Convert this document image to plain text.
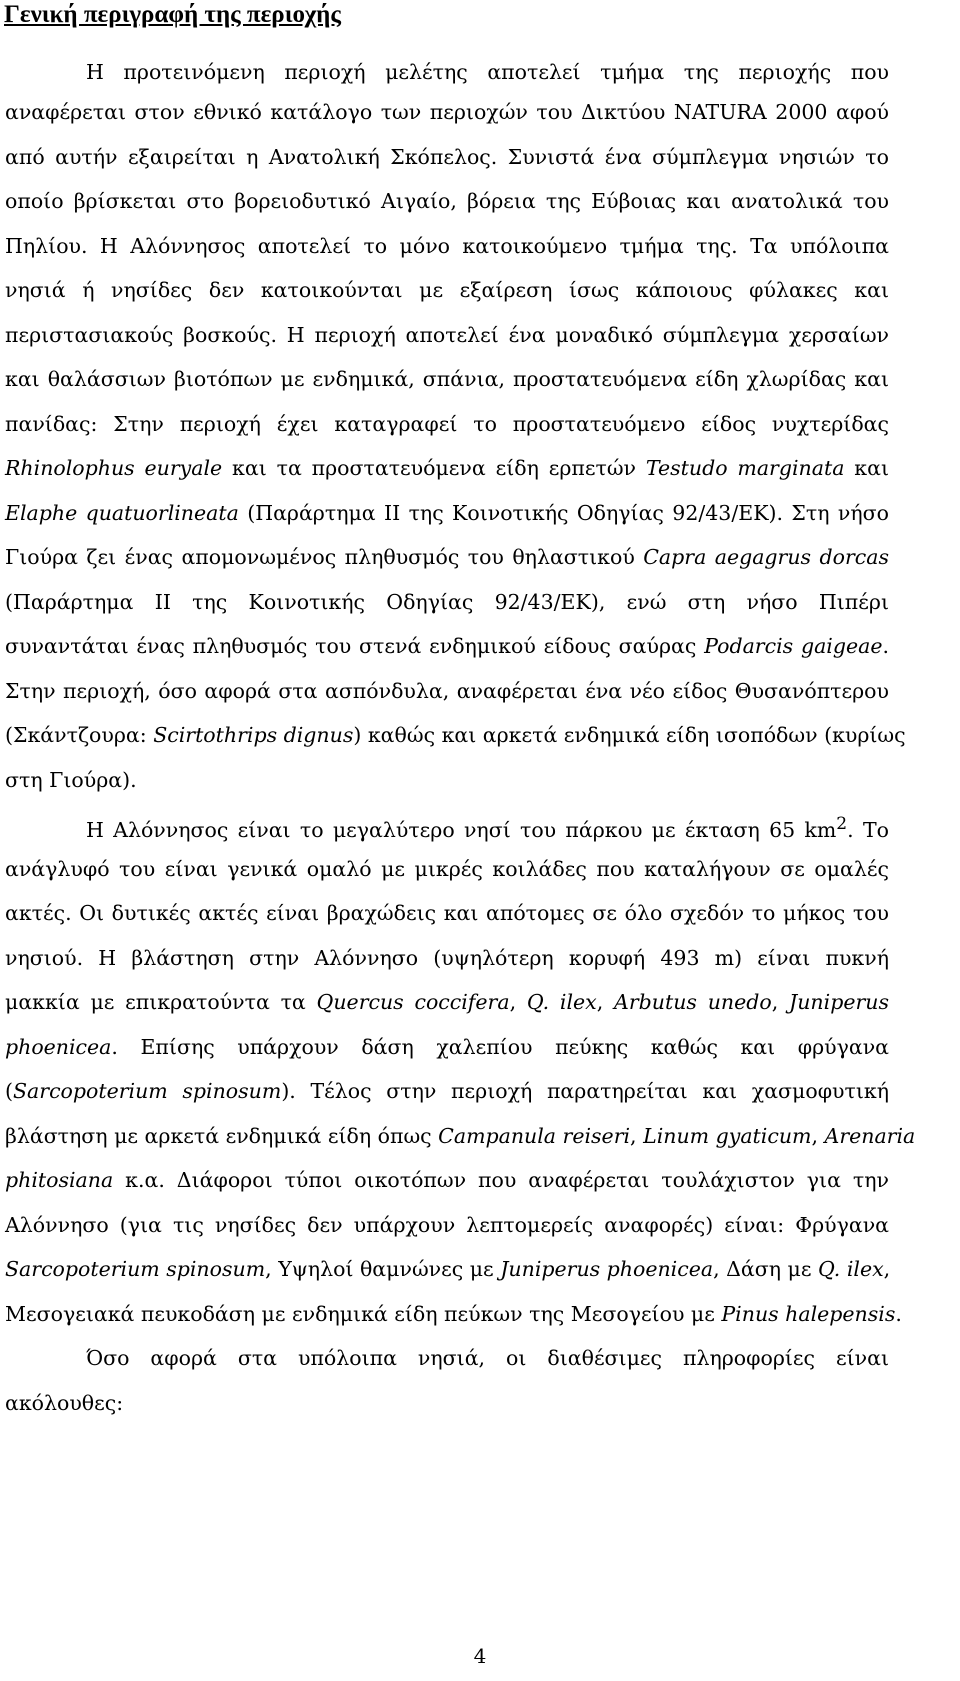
Γενική περιγραφή της περιοχής
Η προτεινόμενη περιοχή μελέτης αποτελεί τμήμα της περιοχής που
αναφέρεται στον εθνικό κατάλογο των περιοχών του Δικτύου NATURA 2000 αφού
από αυτήν εξαιρείται η Ανατολική Σκόπελος. Συνιστά ένα σύμπλεγμα νησιών το
οποίο βρίσκεται στο βορειοδυτικό Αιγαίο, βόρεια της Εύβοιας και ανατολικά του
Πηλίου. Η Αλόννησος αποτελεί το μόνο κατοικούμενο τμήμα της. Τα υπόλοιπα
νησιά ή νησίδες δεν κατοικούνται με εξαίρεση ίσως κάποιους φύλακες και
περιστασιακούς βοσκούς. Η περιοχή αποτελεί ένα μοναδικό σύμπλεγμα χερσαίων
και θαλάσσιων βιοτόπων με ενδημικά, σπάνια, προστατευόμενα είδη χλωρίδας και
πανίδας: Στην περιοχή έχει καταγραφεί το προστατευόμενο είδος νυχτερίδας
Rhinolophus euryale και τα προστατευόμενα είδη ερπετών Testudo marginata και
Elaphe quatuorlineata (Παράρτημα ΙΙ της Κοινοτικής Οδηγίας 92/43/ΕΚ). Στη νήσο
Γιούρα ζει ένας απομονωμένος πληθυσμός του θηλαστικού Capra aegagrus dorcas
(Παράρτημα ΙΙ της Κοινοτικής Οδηγίας 92/43/ΕΚ), ενώ στη νήσο Πιπέρι
συναντάται ένας πληθυσμός του στενά ενδημικού είδους σαύρας Podarcis gaigeae.
Στην περιοχή, όσο αφορά στα ασπόνδυλα, αναφέρεται ένα νέο είδος Θυσανόπτερου
(Σκάντζουρα: Scirtothrips dignus) καθώς και αρκετά ενδημικά είδη ισοπόδων (κυρίως
στη Γιούρα).
Η Αλόννησος είναι το μεγαλύτερο νησί του πάρκου με έκταση 65 $km^2$. Το
ανάγλυφό του είναι γενικά ομαλό με μικρές κοιλάδες που καταλήγουν σε ομαλές
ακτές. Οι δυτικές ακτές είναι βραχώδεις και απότομες σε όλο σχεδόν το μήκος του
νησιού. Η βλάστηση στην Αλόννησο (υψηλότερη κορυφή 493 m) είναι πυκνή
μακκία με επικρατούντα τα Quercus coccifera, Q. ilex, Arbutus unedo, Juniperus
phoenicea. Επίσης υπάρχουν δάση χαλεπίου πεύκης καθώς και φρύγανα
(Sarcopoterium spinosum). Τέλος στην περιοχή παρατηρείται και χασμοφυτική
βλάστηση με αρκετά ενδημικά είδη όπως Campanula reiseri, Linum gyaticum, Arenaria
phitosiana κ.α. Διάφοροι τύποι οικοτόπων που αναφέρεται τουλάχιστον για την
Αλόννησο (για τις νησίδες δεν υπάρχουν λεπτομερείς αναφορές) είναι: Φρύγανα
Sarcopoterium spinosum, Υψηλοί θαμνώνες με Juniperus phoenicea, Δάση με Q. ilex,
Μεσογειακά πευκοδάση με ενδημικά είδη πεύκων της Μεσογείου με Pinus halepensis.
Όσο αφορά στα υπόλοιπα νησιά, οι διαθέσιμες πληροφορίες είναι
ακόλουθες:
4
